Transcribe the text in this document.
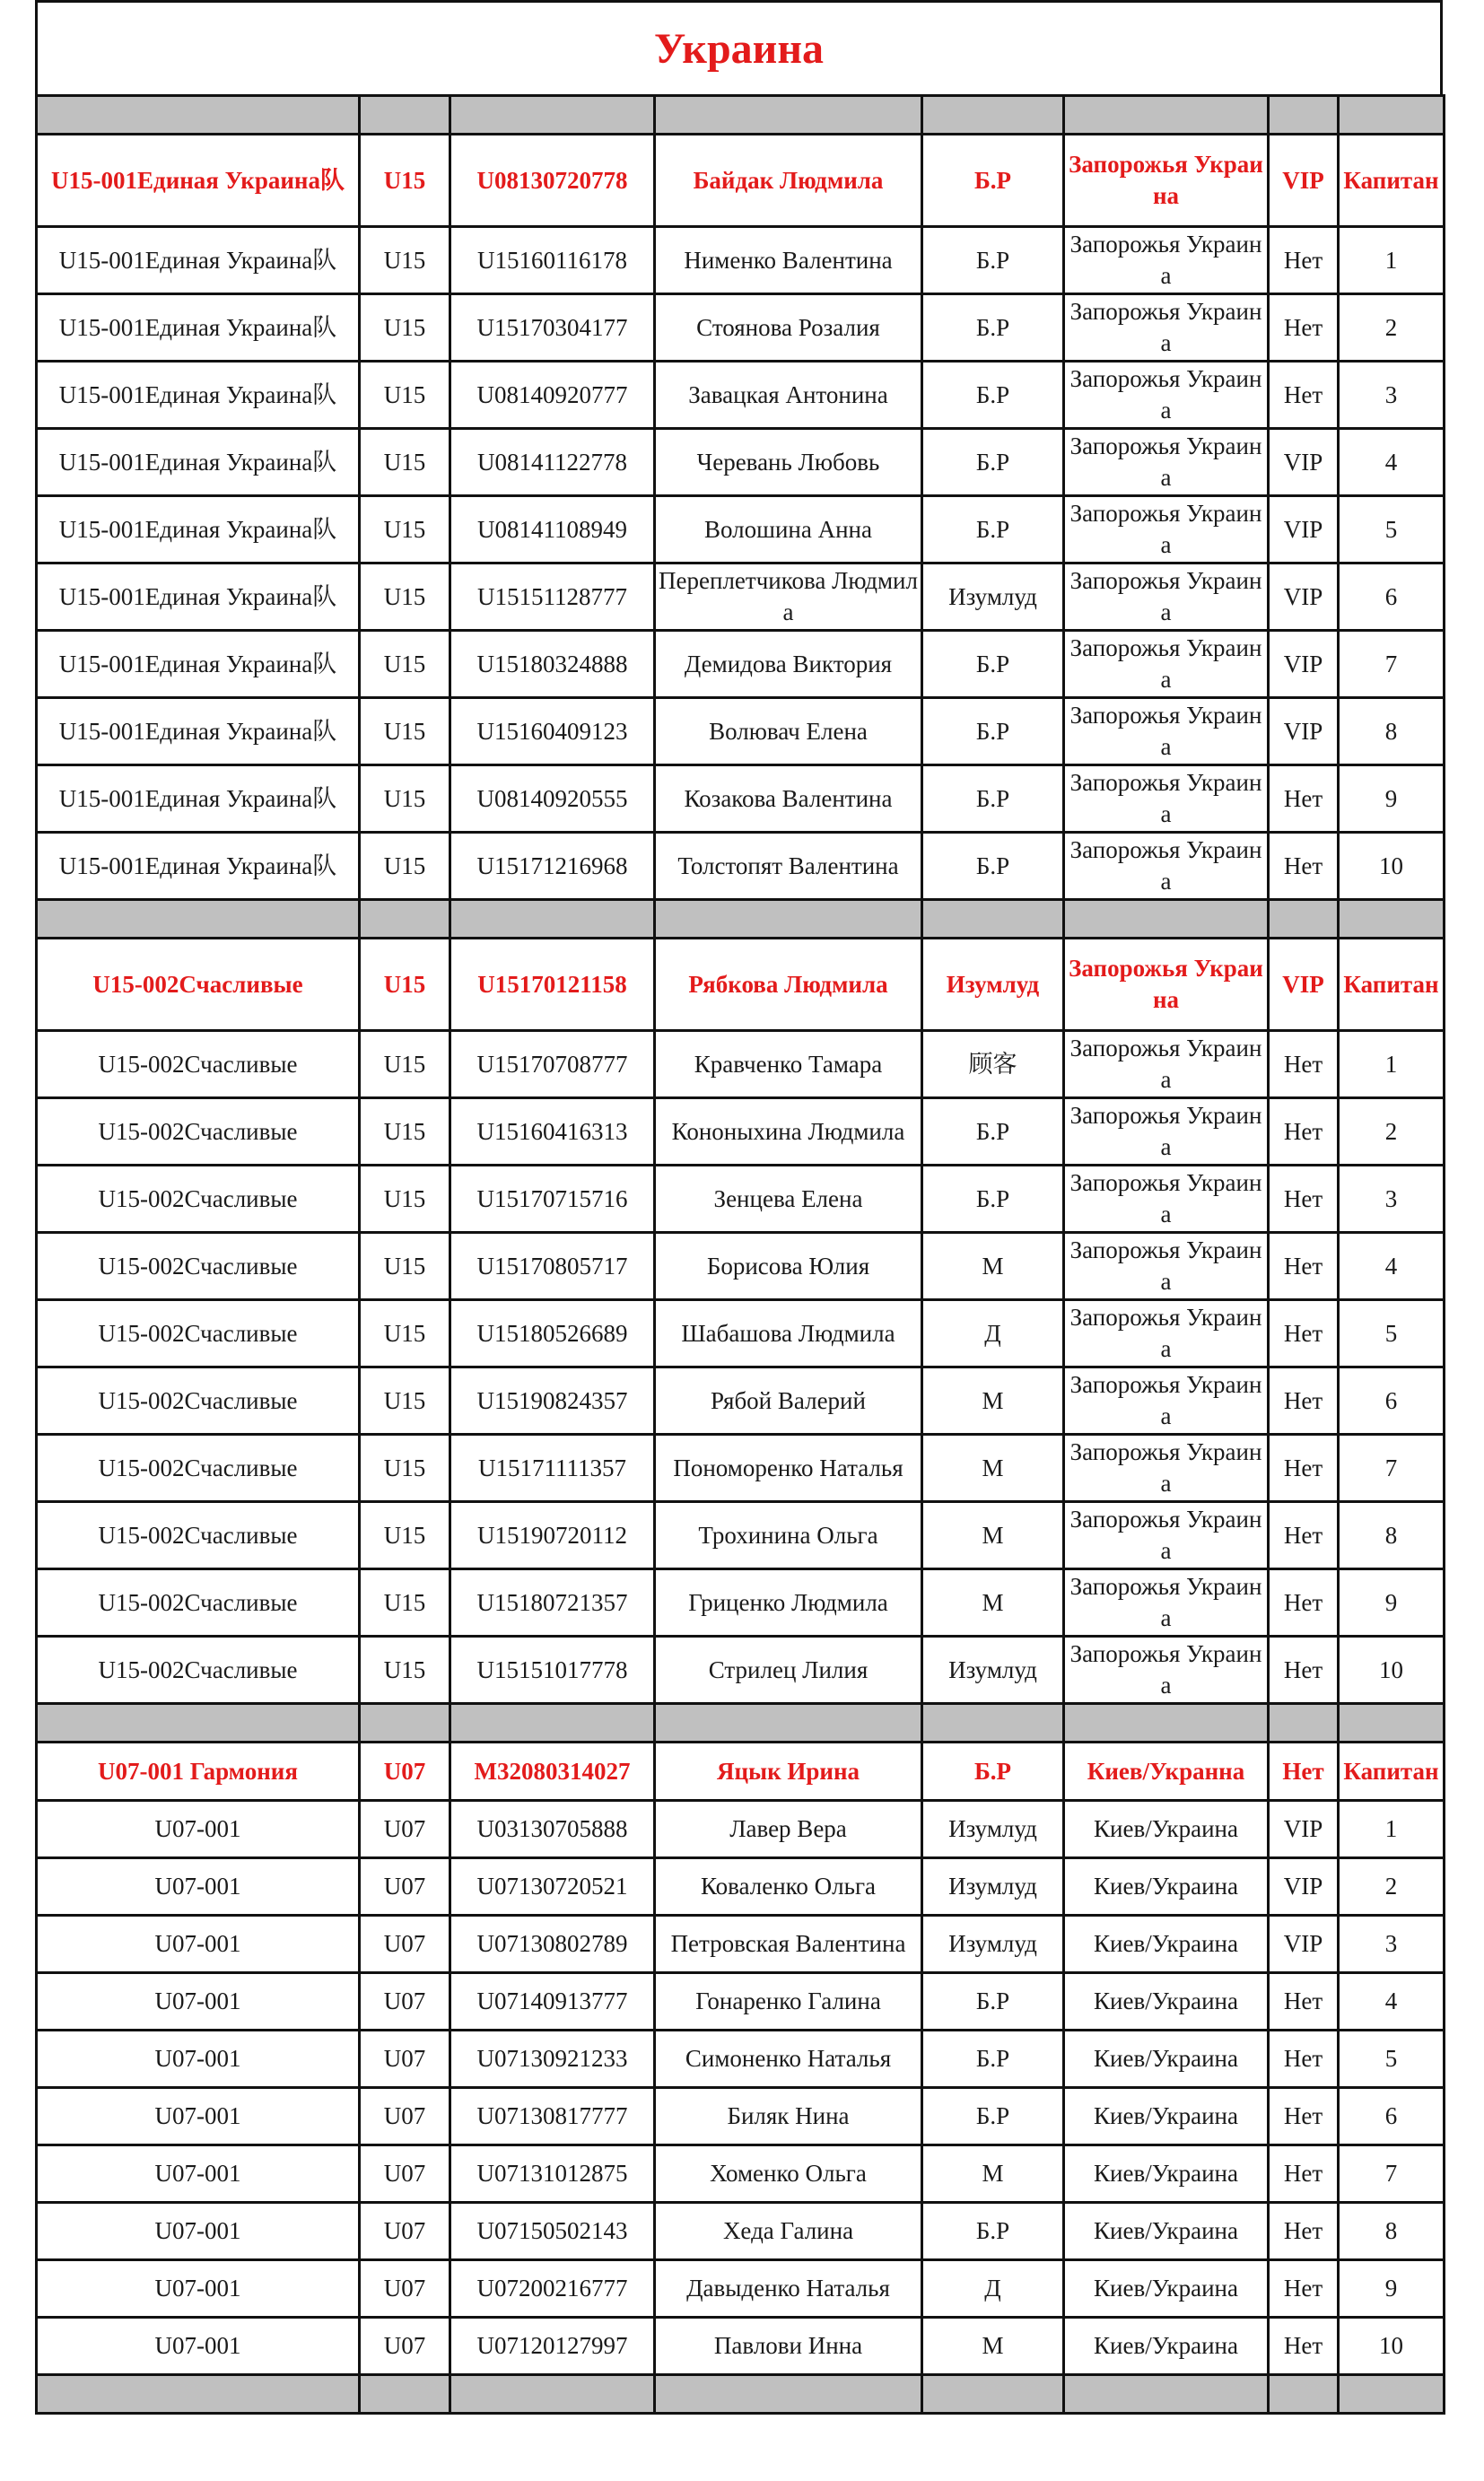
Украина

U15-001Единая Украина队	U15	U08130720778	Байдак Людмила	Б.Р	Запорожья Украина	VIP	Капитан
U15-001Единая Украина队	U15	U15160116178	Нименко Валентина	Б.Р	Запорожья Украина	Нет	1
U15-001Единая Украина队	U15	U15170304177	Стоянова Розалия	Б.Р	Запорожья Украина	Нет	2
U15-001Единая Украина队	U15	U08140920777	Завацкая Антонина	Б.Р	Запорожья Украина	Нет	3
U15-001Единая Украина队	U15	U08141122778	Черевань Любовь	Б.Р	Запорожья Украина	VIP	4
U15-001Единая Украина队	U15	U08141108949	Волошина Анна	Б.Р	Запорожья Украина	VIP	5
U15-001Единая Украина队	U15	U15151128777	Переплетчикова Людмила	Изумлуд	Запорожья Украина	VIP	6
U15-001Единая Украина队	U15	U15180324888	Демидова Виктория	Б.Р	Запорожья Украина	VIP	7
U15-001Единая Украина队	U15	U15160409123	Волювач Елена	Б.Р	Запорожья Украина	VIP	8
U15-001Единая Украина队	U15	U08140920555	Козакова Валентина	Б.Р	Запорожья Украина	Нет	9
U15-001Единая Украина队	U15	U15171216968	Толстопят Валентина	Б.Р	Запорожья Украина	Нет	10

U15-002Счасливые	U15	U15170121158	Рябкова Людмила	Изумлуд	Запорожья Украина	VIP	Капитан
U15-002Счасливые	U15	U15170708777	Кравченко Тамара	顾客	Запорожья Украина	Нет	1
U15-002Счасливые	U15	U15160416313	Кононыхина Людмила	Б.Р	Запорожья Украина	Нет	2
U15-002Счасливые	U15	U15170715716	Зенцева Елена	Б.Р	Запорожья Украина	Нет	3
U15-002Счасливые	U15	U15170805717	Борисова Юлия	М	Запорожья Украина	Нет	4
U15-002Счасливые	U15	U15180526689	Шабашова Людмила	Д	Запорожья Украина	Нет	5
U15-002Счасливые	U15	U15190824357	Рябой Валерий	М	Запорожья Украина	Нет	6
U15-002Счасливые	U15	U15171111357	Пономоренко Наталья	М	Запорожья Украина	Нет	7
U15-002Счасливые	U15	U15190720112	Трохинина Ольга	М	Запорожья Украина	Нет	8
U15-002Счасливые	U15	U15180721357	Гриценко Людмила	М	Запорожья Украина	Нет	9
U15-002Счасливые	U15	U15151017778	Стрилец Лилия	Изумлуд	Запорожья Украина	Нет	10

U07-001 Гармония	U07	M32080314027	Яцык Ирина	Б.Р	Киев/Укранна	Нет	Капитан
U07-001	U07	U03130705888	Лавер Вера	Изумлуд	Киев/Украина	VIP	1
U07-001	U07	U07130720521	Коваленко Ольга	Изумлуд	Киев/Украина	VIP	2
U07-001	U07	U07130802789	Петровская Валентина	Изумлуд	Киев/Украина	VIP	3
U07-001	U07	U07140913777	Гонаренко Галина	Б.Р	Киев/Украина	Нет	4
U07-001	U07	U07130921233	Симоненко Наталья	Б.Р	Киев/Украина	Нет	5
U07-001	U07	U07130817777	Биляк Нина	Б.Р	Киев/Украина	Нет	6
U07-001	U07	U07131012875	Хоменко Ольга	М	Киев/Украина	Нет	7
U07-001	U07	U07150502143	Хеда Галина	Б.Р	Киев/Украина	Нет	8
U07-001	U07	U07200216777	Давыденко Наталья	Д	Киев/Украина	Нет	9
U07-001	U07	U07120127997	Павлови Инна	М	Киев/Украина	Нет	10
